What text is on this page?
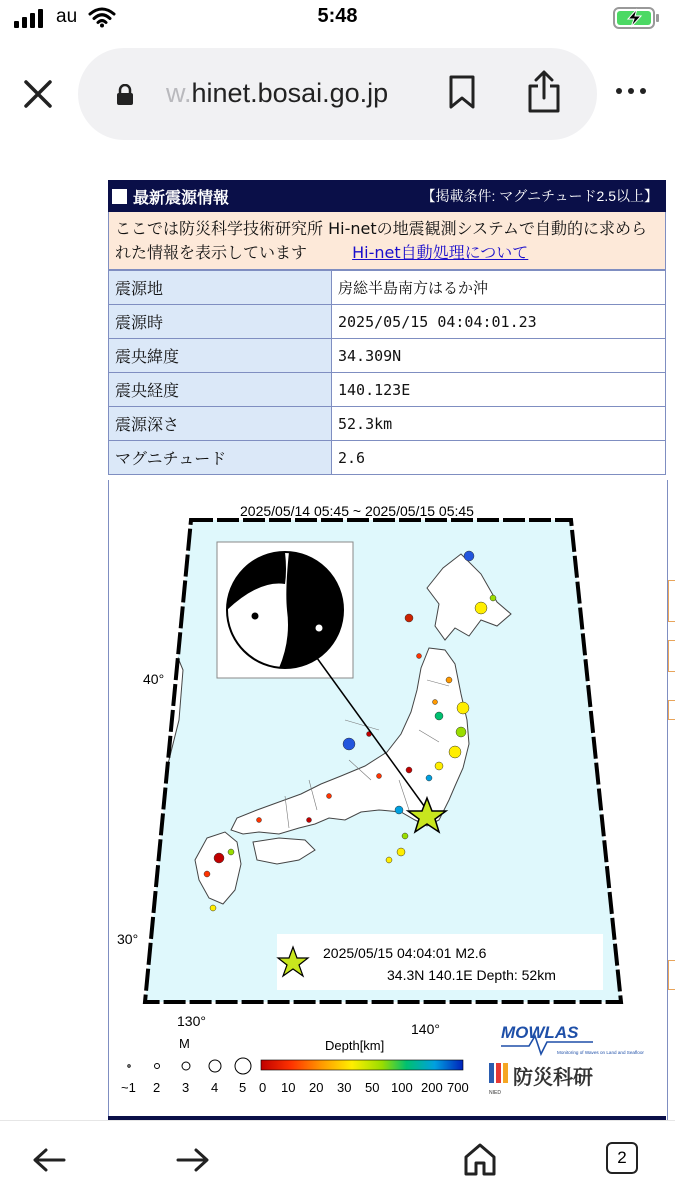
au	5:48
w.hinet.bosai.go.jp
最新震源情報	【掲載条件: マグニチュード2.5以上】
ここでは防災科学技術研究所 Hi-netの地震観測システムで自動的に求められた情報を表示しています	Hi-net自動処理について
震源地	房総半島南方はるか沖
震源時	2025/05/15 04:04:01.23
震央緯度	34.309N
震央経度	140.123E
震源深さ	52.3km
マグニチュード	2.6
2025/05/14 05:45 ~ 2025/05/15 05:45
40°
30°
130°	140°
2025/05/15 04:04:01 M2.6
34.3N 140.1E Depth: 52km
M
~1 2 3 4 5
Depth[km]
0 10 20 30 50 100 200 700
MOWLAS
Monitoring of Waves on Land and Seafloor
NIED
防災科研
2
